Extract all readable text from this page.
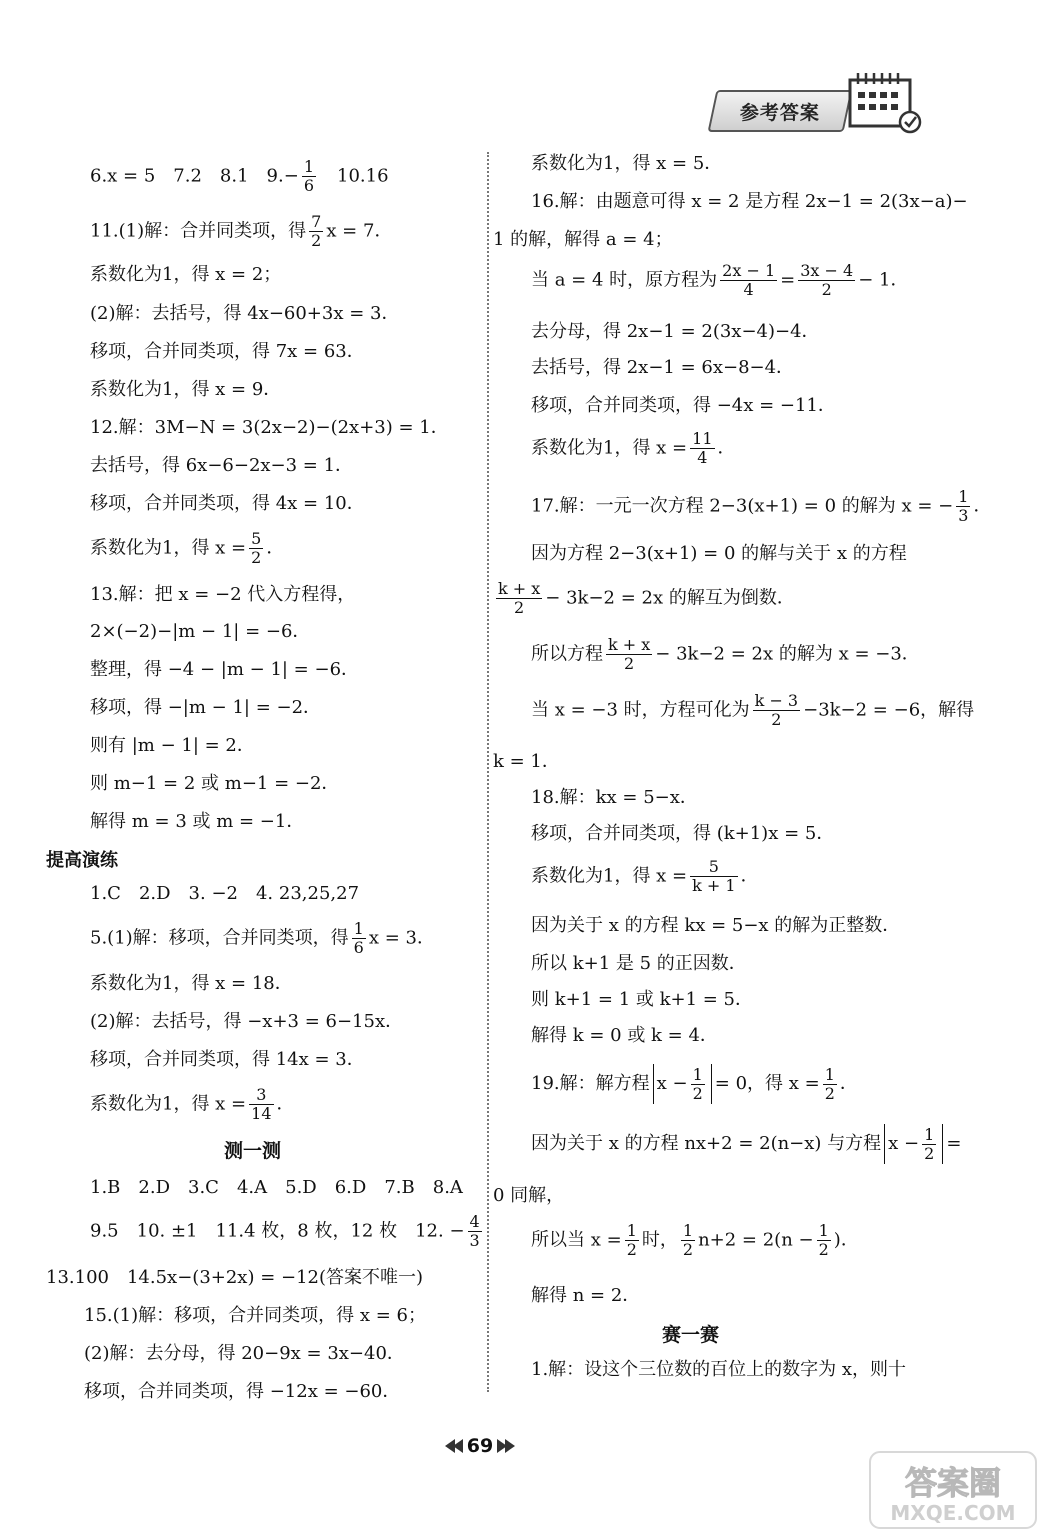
参考答案
6.x = 5　7.2　8.1　$9.- \frac{1}{6}$ 　10.16
11.(1)解：合并同类项，得 $\frac{7}{2}$ x = 7．
系数化为1，得 x = 2；
(2)解：去括号，得 4x−60+3x = 3．
移项，合并同类项，得 7x = 63．
系数化为1，得 x = 9．
12.解：3M−N = 3(2x−2)−(2x+3) = 1．
去括号，得 6x−6−2x−3 = 1．
移项，合并同类项，得 4x = 10．
系数化为1，得 $x = \frac{5}{2}$ ．
13.解：把 x = −2 代入方程得，
2×(−2)−|m − 1| = −6．
整理，得 −4 − |m − 1| = −6．
移项，得 −|m − 1| = −2．
则有 |m − 1| = 2．
则 m−1 = 2 或 m−1 = −2．
解得 m = 3 或 m = −1．
提高演练
1.C　2.D　3. −2　4. 23,25,27
5.(1)解：移项，合并同类项，得 $\frac{1}{6}$ x = 3．
系数化为1，得 x = 18．
(2)解：去括号，得 −x+3 = 6−15x．
移项，合并同类项，得 14x = 3．
系数化为1，得 $x = \frac{3}{14}$ ．
测一测
1.B　2.D　3.C　4.A　5.D　6.D　7.B　8.A
9.5　10. ±1　11.4 枚，8 枚，12 枚　12. − $\frac{4}{3}$
13.100　14.5x−(3+2x) = −12(答案不唯一)
15.(1)解：移项，合并同类项，得 x = 6；
(2)解：去分母，得 20−9x = 3x−40．
移项，合并同类项，得 −12x = −60．
系数化为1，得 x = 5．
16.解：由题意可得 x = 2 是方程 2x−1 = 2(3x−a)−
1 的解，解得 a = 4；
当 a = 4 时，原方程为 $\frac{2x - 1}{4} = \frac{3x - 4}{2} - 1$．
去分母，得 2x−1 = 2(3x−4)−4．
去括号，得 2x−1 = 6x−8−4．
移项，合并同类项，得 −4x = −11．
系数化为1，得 $x = \frac{11}{4}$ ．
17.解：一元一次方程 2−3(x+1) = 0 的解为 x = − $\frac{1}{3}$ ．
因为方程 2−3(x+1) = 0 的解与关于 x 的方程
$\frac{k + x}{2} - 3k-2 = 2x$ 的解互为倒数．
所以方程 $\frac{k + x}{2} - 3k-2 = 2x$ 的解为 x = −3．
当 x = −3 时，方程可化为 $\frac{k - 3}{2} -3k-2 = -6$，解得
k = 1．
18.解：kx = 5−x．
移项，合并同类项，得 (k+1)x = 5．
系数化为1，得 $x = \frac{5}{k + 1}$ ．
因为关于 x 的方程 kx = 5−x 的解为正整数．
所以 k+1 是 5 的正因数．
则 k+1 = 1 或 k+1 = 5．
解得 k = 0 或 k = 4．
19.解：解方程 $x - \frac{1}{2} = 0$，得 $x = \frac{1}{2}$ ．
因为关于 x 的方程 nx+2 = 2(n−x) 与方程 $x - \frac{1}{2}$ =
0 同解，
所以当 $x = \frac{1}{2}$ 时， $\frac{1}{2} n+2 = 2(n - \frac{1}{2}$ )．
解得 n = 2．
赛一赛
1.解：设这个三位数的百位上的数字为 x，则十
69
答案圈
MXQE.COM
